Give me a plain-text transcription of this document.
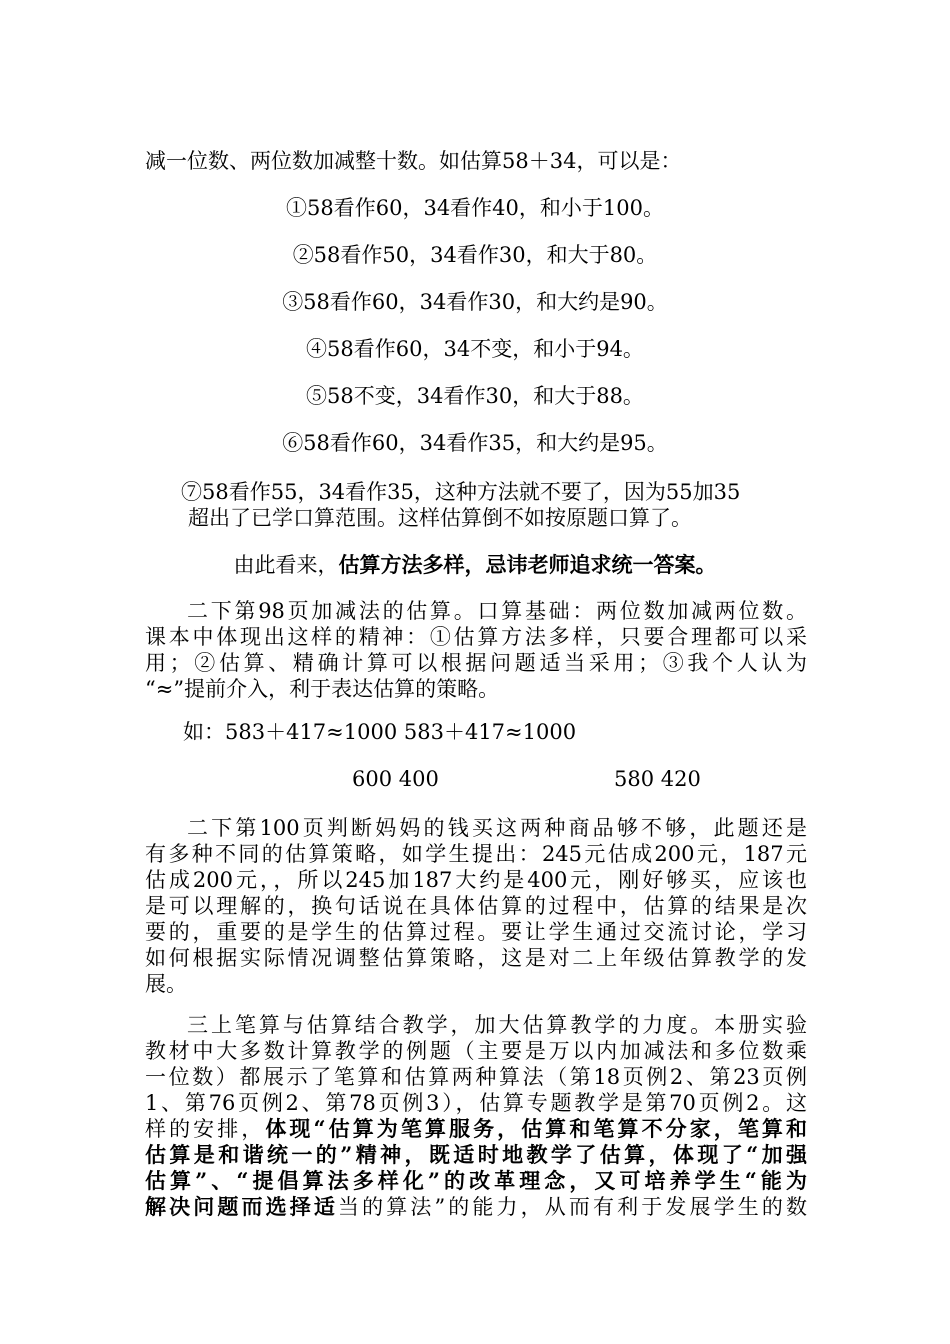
减一位数、两位数加减整十数。如估算58＋34，可以是：
①58看作60，34看作40，和小于100。
②58看作50，34看作30，和大于80。
③58看作60，34看作30，和大约是90。
④58看作60，34不变，和小于94。
⑤58不变，34看作30，和大于88。
⑥58看作60，34看作35，和大约是95。
⑦58看作55，34看作35，这种方法就不要了，因为55加35
超出了已学口算范围。这样估算倒不如按原题口算了。
由此看来，估算方法多样，忌讳老师追求统一答案。
二下第98页加减法的估算。口算基础：两位数加减两位数。
课本中体现出这样的精神：①估算方法多样，只要合理都可以采
用；②估算、精确计算可以根据问题适当采用；③我个人认为
“≈”提前介入，利于表达估算的策略。
如：583＋417≈1000 583＋417≈1000
600 400	580 420
二下第100页判断妈妈的钱买这两种商品够不够，此题还是
有多种不同的估算策略，如学生提出：245元估成200元，187元
估成200元，，所以245加187大约是400元，刚好够买，应该也
是可以理解的，换句话说在具体估算的过程中，估算的结果是次
要的，重要的是学生的估算过程。要让学生通过交流讨论，学习
如何根据实际情况调整估算策略，这是对二上年级估算教学的发
展。
三上笔算与估算结合教学，加大估算教学的力度。本册实验
教材中大多数计算教学的例题（主要是万以内加减法和多位数乘
一位数）都展示了笔算和估算两种算法（第18页例2、第23页例
1、第76页例2、第78页例3），估算专题教学是第70页例2。这
样的安排，体现“估算为笔算服务，估算和笔算不分家，笔算和
估算是和谐统一的”精神，既适时地教学了估算，体现了“加强
估算”、“提倡算法多样化”的改革理念，又可培养学生“能为
解决问题而选择适当的算法”的能力，从而有利于发展学生的数
